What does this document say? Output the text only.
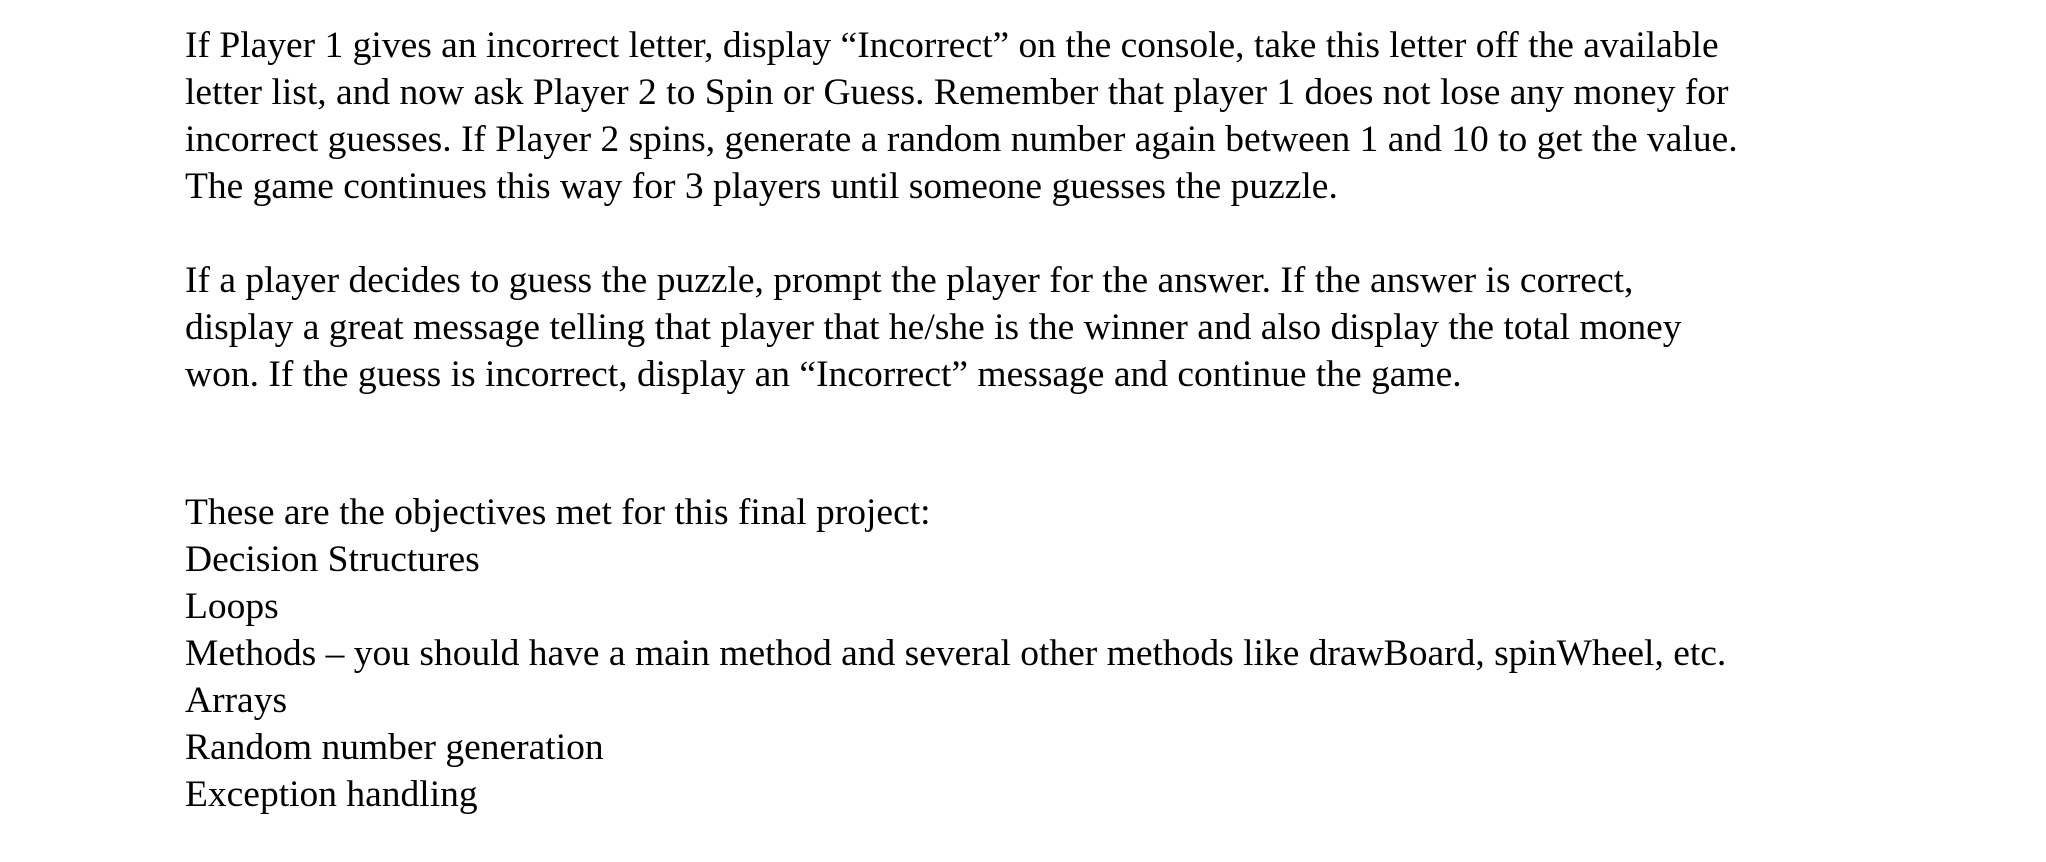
If Player 1 gives an incorrect letter, display “Incorrect” on the console, take this letter off the available
letter list, and now ask Player 2 to Spin or Guess. Remember that player 1 does not lose any money for
incorrect guesses. If Player 2 spins, generate a random number again between 1 and 10 to get the value.
The game continues this way for 3 players until someone guesses the puzzle.

If a player decides to guess the puzzle, prompt the player for the answer. If the answer is correct,
display a great message telling that player that he/she is the winner and also display the total money
won. If the guess is incorrect, display an “Incorrect” message and continue the game.

These are the objectives met for this final project:
Decision Structures
Loops
Methods – you should have a main method and several other methods like drawBoard, spinWheel, etc.
Arrays
Random number generation
Exception handling
